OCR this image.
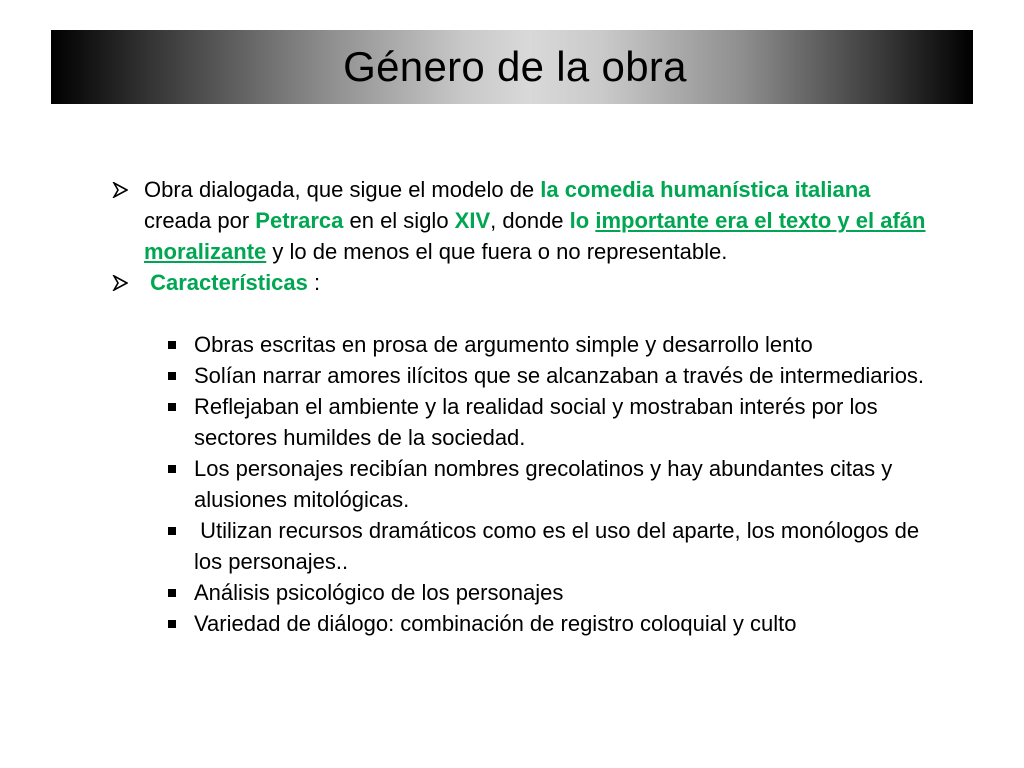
Género de la obra
Obra dialogada, que sigue el modelo de la comedia humanística italiana creada por Petrarca en el siglo XIV, donde lo importante era el texto y el afán moralizante y lo de menos el que fuera o no representable.
Características :
Obras escritas en prosa de argumento simple y desarrollo lento
Solían narrar amores ilícitos que se alcanzaban a través de intermediarios.
Reflejaban el ambiente y la realidad social y mostraban interés por los sectores humildes de la sociedad.
Los personajes recibían nombres grecolatinos y hay abundantes citas y alusiones mitológicas.
Utilizan recursos dramáticos como es el uso del aparte, los monólogos de los personajes..
Análisis psicológico de los personajes
Variedad de diálogo: combinación de registro coloquial y culto
